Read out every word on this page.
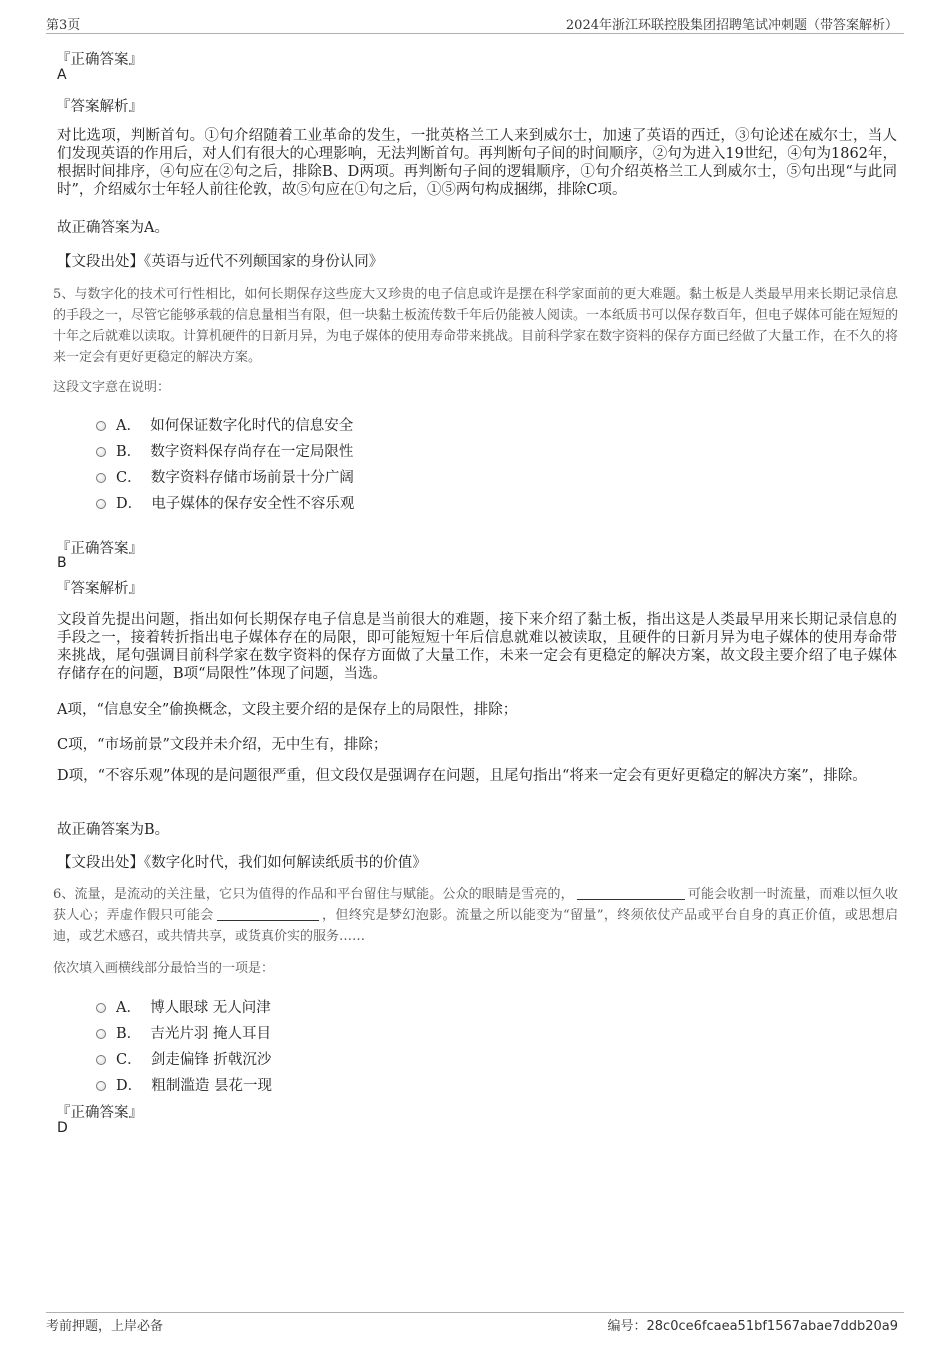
第3页	2024年浙江环联控股集团招聘笔试冲刺题（带答案解析）
『正确答案』
A
『答案解析』

对比选项，判断首句。①句介绍随着工业革命的发生，一批英格兰工人来到威尔士，加速了英语的西迁，③句论述在威尔士，当人们发现英语的作用后，对人们有很大的心理影响，无法判断首句。再判断句子间的时间顺序，②句为进入19世纪，④句为1862年，根据时间排序，④句应在②句之后，排除B、D两项。再判断句子间的逻辑顺序，①句介绍英格兰工人到威尔士，⑤句出现“与此同时”，介绍威尔士年轻人前往伦敦，故⑤句应在①句之后，①⑤两句构成捆绑，排除C项。

故正确答案为A。
【文段出处】《英语与近代不列颠国家的身份认同》

5、与数字化的技术可行性相比，如何长期保存这些庞大又珍贵的电子信息或许是摆在科学家面前的更大难题。黏土板是人类最早用来长期记录信息的手段之一，尽管它能够承载的信息量相当有限，但一块黏土板流传数千年后仍能被人阅读。一本纸质书可以保存数百年，但电子媒体可能在短短的十年之后就难以读取。计算机硬件的日新月异，为电子媒体的使用寿命带来挑战。目前科学家在数字资料的保存方面已经做了大量工作，在不久的将来一定会有更好更稳定的解决方案。

这段文字意在说明：
A． 如何保证数字化时代的信息安全
B． 数字资料保存尚存在一定局限性
C． 数字资料存储市场前景十分广阔
D． 电子媒体的保存安全性不容乐观
『正确答案』
B
『答案解析』

文段首先提出问题，指出如何长期保存电子信息是当前很大的难题，接下来介绍了黏土板，指出这是人类最早用来长期记录信息的手段之一，接着转折指出电子媒体存在的局限，即可能短短十年后信息就难以被读取，且硬件的日新月异为电子媒体的使用寿命带来挑战，尾句强调目前科学家在数字资料的保存方面做了大量工作，未来一定会有更稳定的解决方案，故文段主要介绍了电子媒体存储存在的问题，B项“局限性”体现了问题，当选。

A项，“信息安全”偷换概念，文段主要介绍的是保存上的局限性，排除；
C项，“市场前景”文段并未介绍，无中生有，排除；

D项，“不容乐观”体现的是问题很严重，但文段仅是强调存在问题，且尾句指出“将来一定会有更好更稳定的解决方案”，排除。

故正确答案为B。
【文段出处】《数字化时代，我们如何解读纸质书的价值》

6、流量，是流动的关注量，它只为值得的作品和平台留住与赋能。公众的眼睛是雪亮的，	可能会收割一时流量，而难以恒久收获人心；弄虚作假只可能会	，但终究是梦幻泡影。流量之所以能变为“留量”，终须依仗产品或平台自身的真正价值，或思想启迪，或艺术感召，或共情共享，或货真价实的服务……

依次填入画横线部分最恰当的一项是：
A． 博人眼球 无人问津
B． 吉光片羽 掩人耳目
C． 剑走偏锋 折戟沉沙
D． 粗制滥造 昙花一现
『正确答案』
D
考前押题，上岸必备	编号：28c0ce6fcaea51bf1567abae7ddb20a9
